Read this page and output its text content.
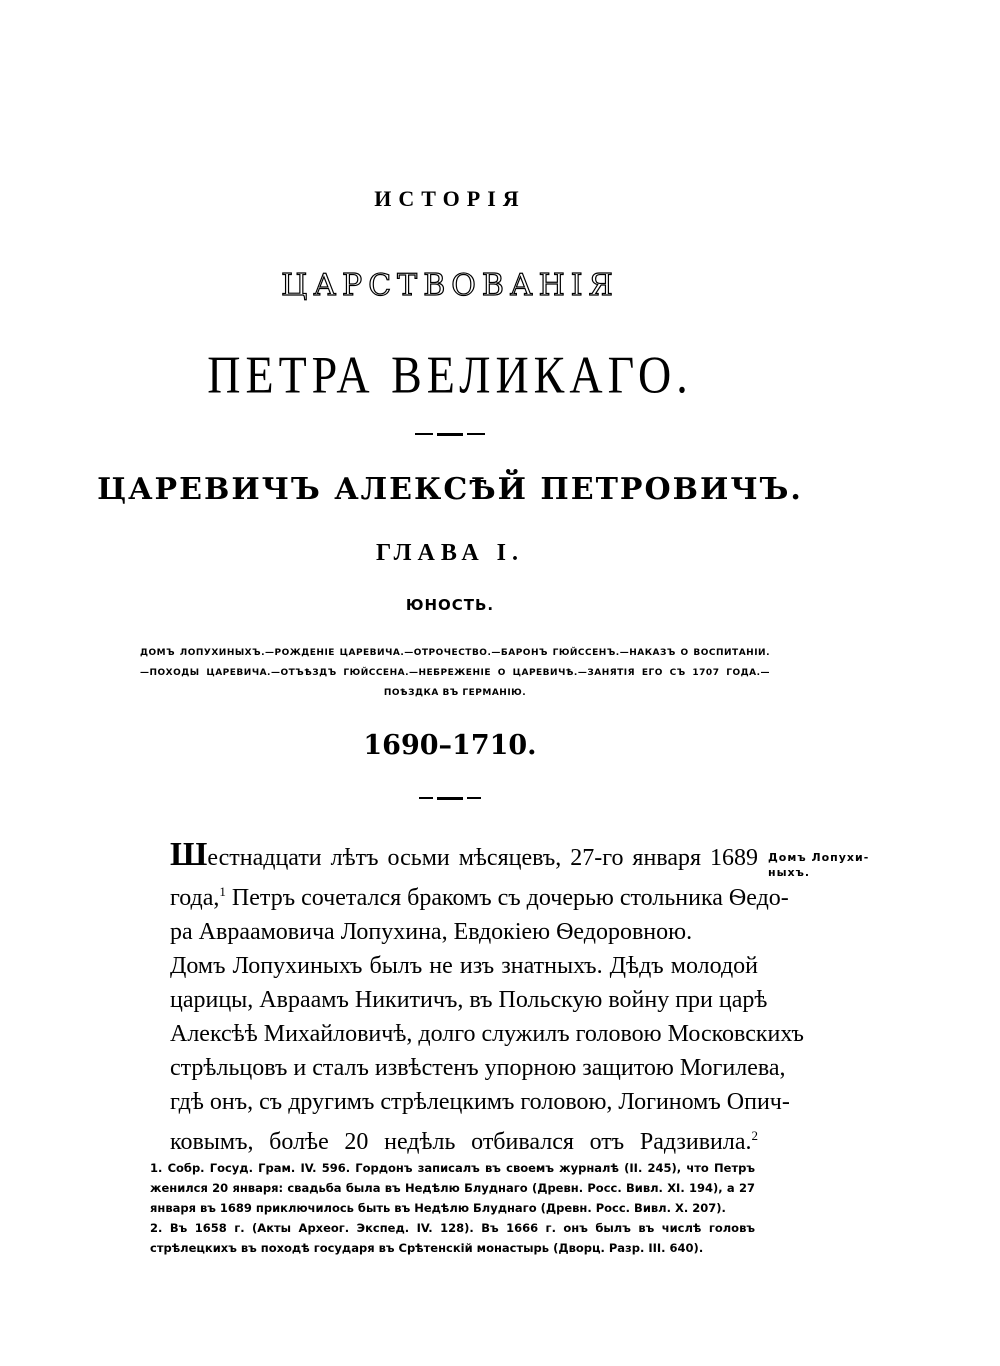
ИСТОРІЯ
ЦАРСТВОВАНІЯ
ПЕТРА ВЕЛИКАГО.
ЦАРЕВИЧЪ АЛЕКСѢЙ ПЕТРОВИЧЪ.
ГЛАВА I.
ЮНОСТЬ.
ДОМЪ ЛОПУХИНЫХЪ.—РОЖДЕНІЕ ЦАРЕВИЧА.—ОТРОЧЕСТВО.—БАРОНЪ ГЮЙССЕНЪ.—НАКАЗЪ О ВОСПИТАНІИ.—ПОХОДЫ ЦАРЕВИЧА.—ОТЪѢЗДЪ ГЮЙССЕНА.—НЕБРЕЖЕНІЕ О ЦАРЕВИЧѢ.—ЗАНЯТІЯ ЕГО СЪ 1707 ГОДА.—ПОѢЗДКА ВЪ ГЕРМАНІЮ.
1690–1710.
Шестнадцати лѣтъ осьми мѣсяцевъ, 27-го января 1689
года,$^1$ Петръ сочетался бракомъ съ дочерью стольника Ѳедо-
ра Авраамовича Лопухина, Евдокіею Ѳедоровною.
Домъ Лопухиныхъ былъ не изъ знатныхъ. Дѣдъ молодой
царицы, Авраамъ Никитичъ, въ Польскую войну при царѣ
Алексѣѣ Михайловичѣ, долго служилъ головою Московскихъ
стрѣльцовъ и сталъ извѣстенъ упорною защитою Могилева,
гдѣ онъ, съ другимъ стрѣлецкимъ головою, Логиномъ Опич-
ковымъ, болѣе 20 недѣль отбивался отъ Радзивила.$^2$
Домъ Лопухи-ныхъ.
1. Собр. Госуд. Грам. IV. 596. Гордонъ записалъ въ своемъ журналѣ (II. 245), что Петръ женился 20 января: свадьба была въ Недѣлю Блуднаго (Древн. Росс. Вивл. XI. 194), а 27 января въ 1689 приключилось быть въ Недѣлю Блуднаго (Древн. Росс. Вивл. X. 207).
2. Въ 1658 г. (Акты Археог. Экспед. IV. 128). Въ 1666 г. онъ былъ въ числѣ головъ стрѣлецкихъ въ походѣ государя въ Срѣтенскій монастырь (Дворц. Разр. III. 640).
